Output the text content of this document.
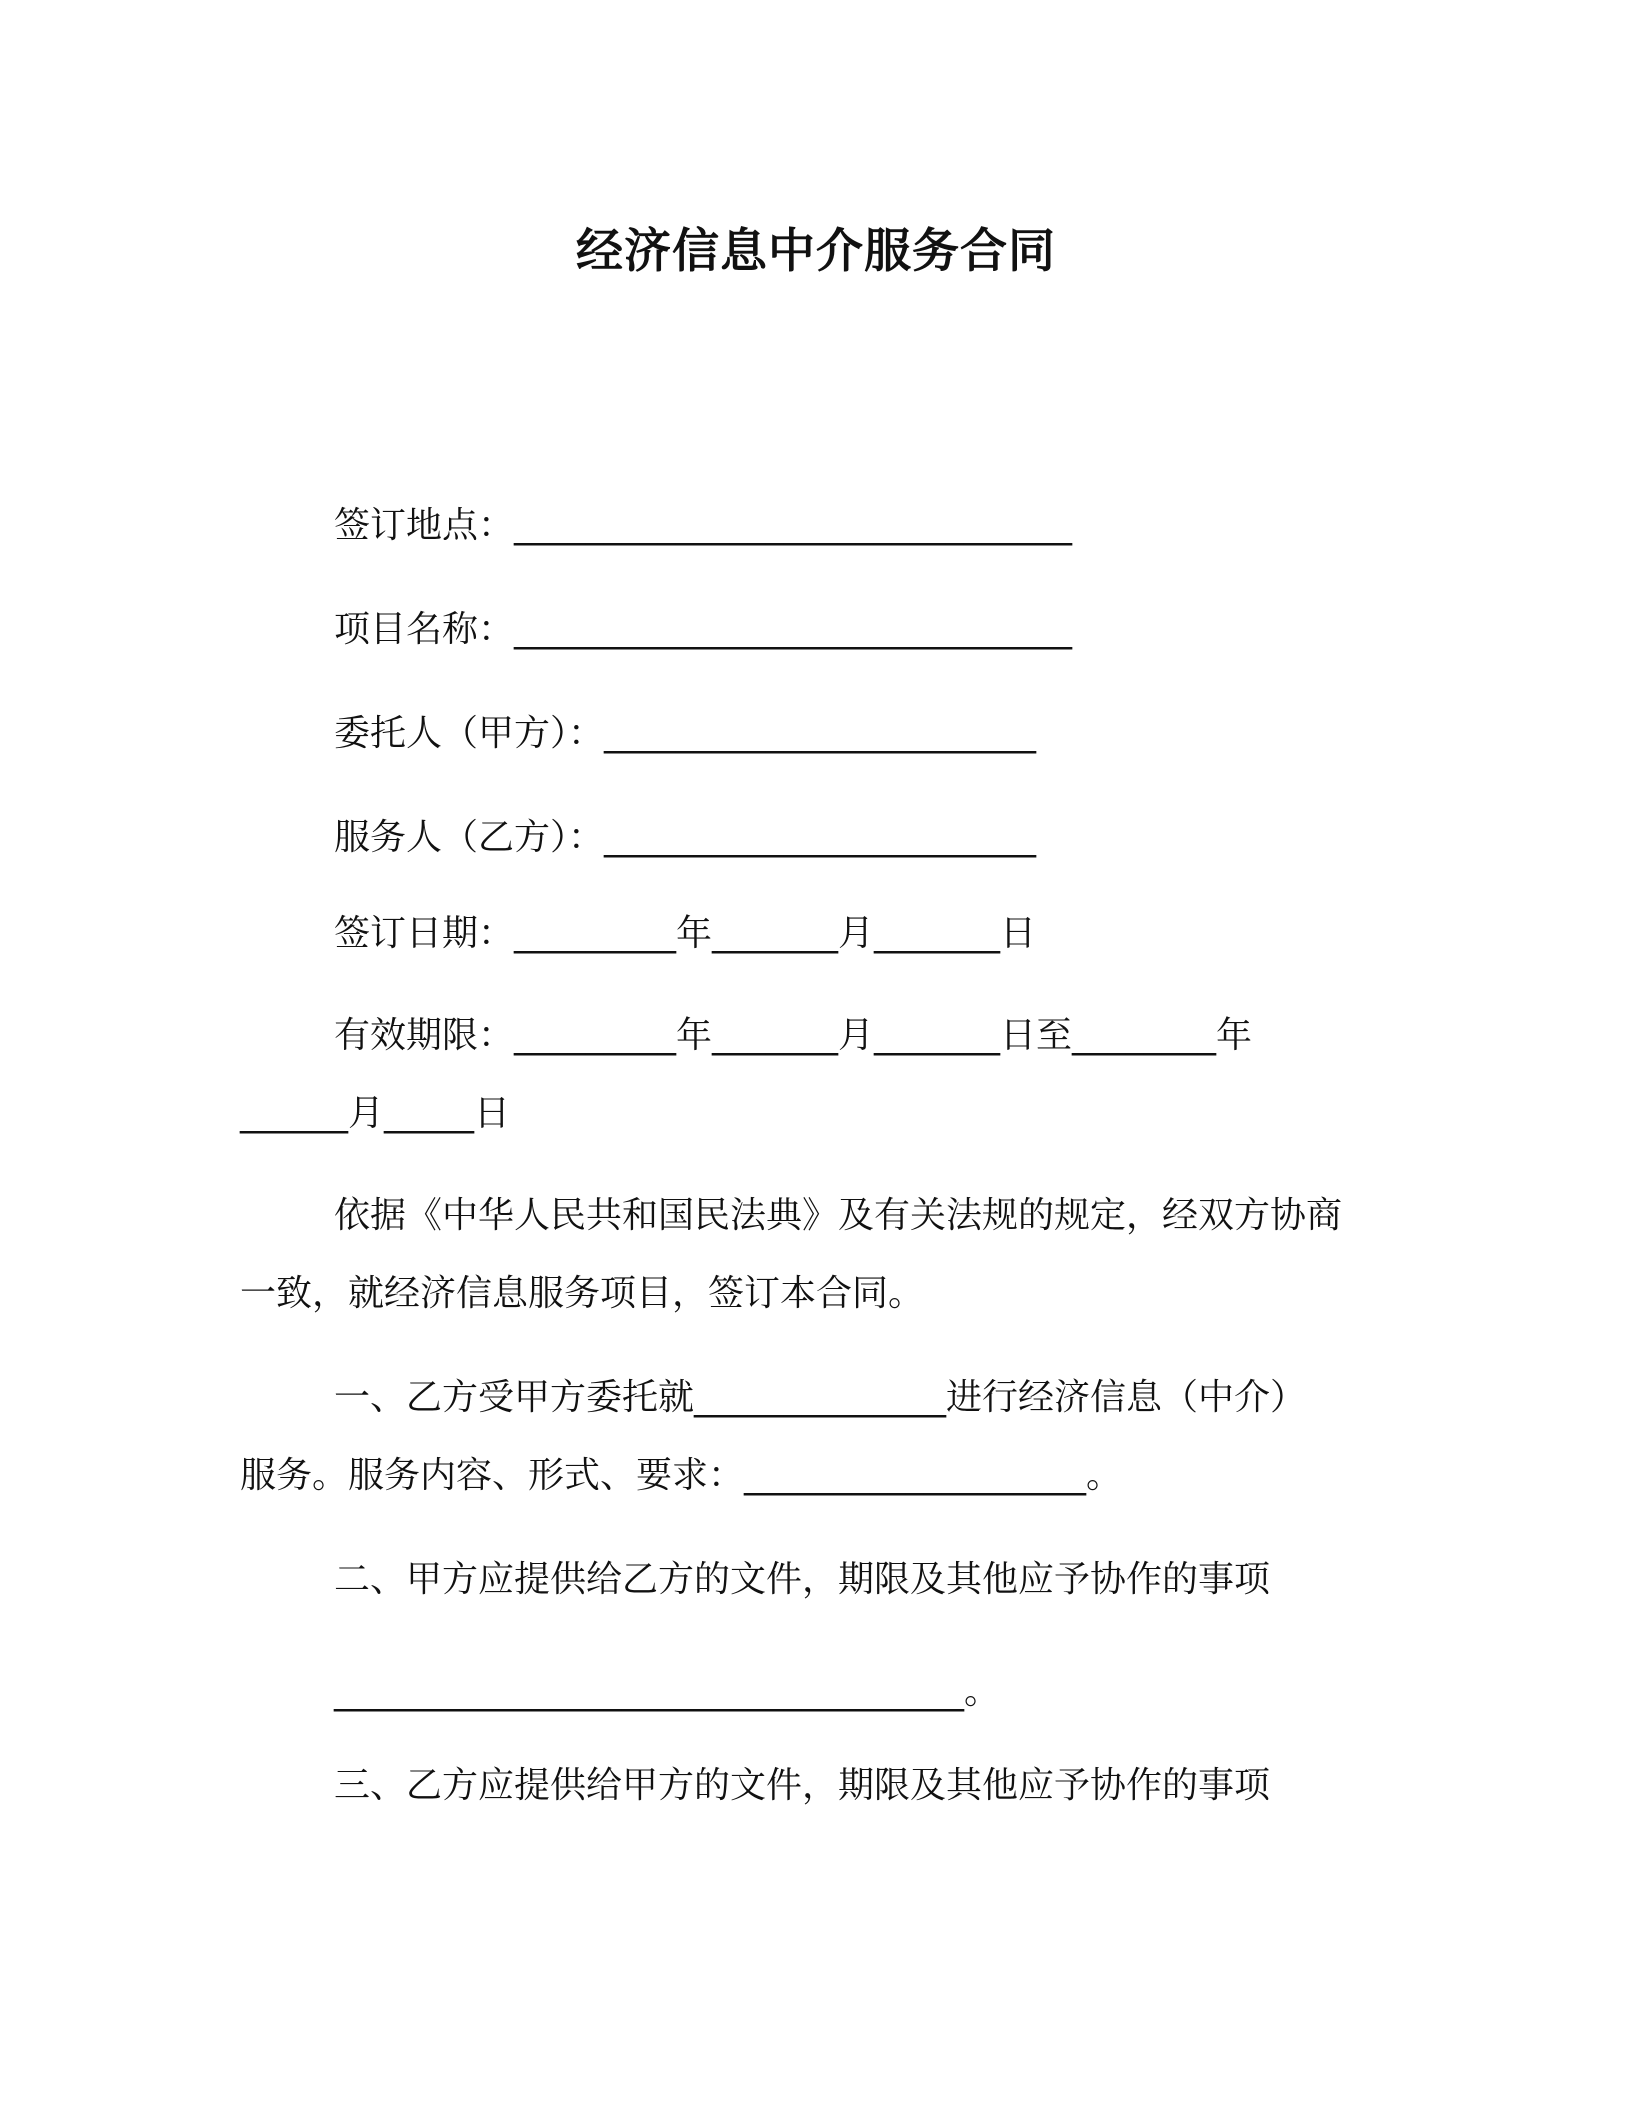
经济信息中介服务合同
签订地点：_______________________________
项目名称：_______________________________
委托人（甲方）：________________________
服务人（乙方）：________________________
签订日期：_________年_______月_______日
有效期限：_________年_______月_______日至________年
______月_____日
依据《中华人民共和国民法典》及有关法规的规定，经双方协商
一致，就经济信息服务项目，签订本合同。
一、乙方受甲方委托就______________进行经济信息（中介）
服务。服务内容、形式、要求：___________________。
二、甲方应提供给乙方的文件，期限及其他应予协作的事项
___________________________________。
三、乙方应提供给甲方的文件，期限及其他应予协作的事项
